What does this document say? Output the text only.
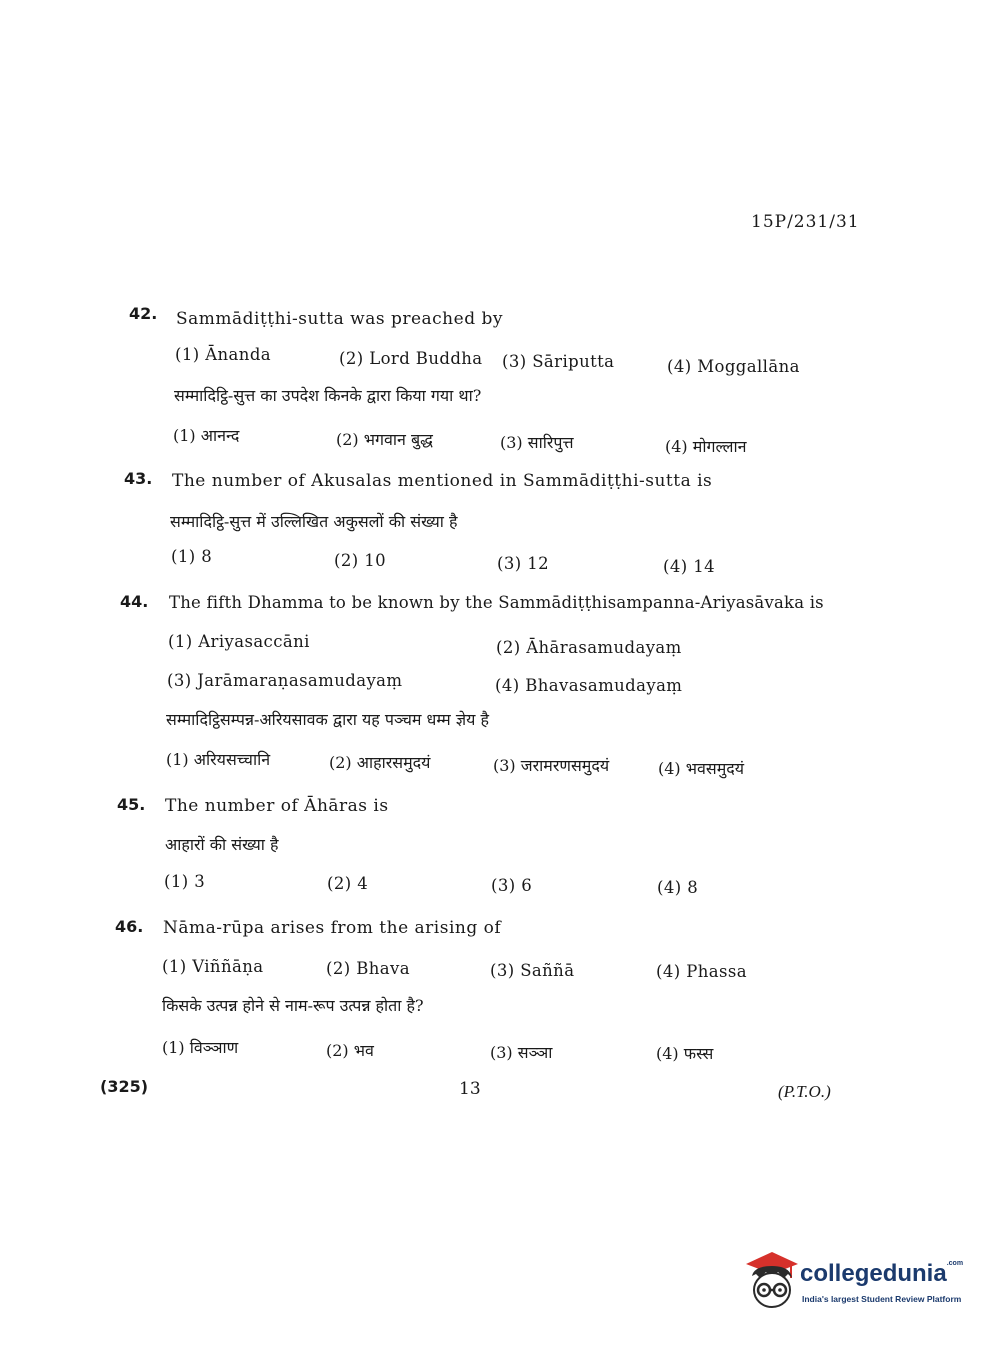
15P/231/31
42. Sammādiṭṭhi-sutta was preached by
(1) Ānanda	(2) Lord Buddha (3) Sāriputta	(4) Moggallāna
सम्मादिट्ठि-सुत्त का उपदेश किनके द्वारा किया गया था?
(1) आनन्द	(2) भगवान बुद्ध	(3) सारिपुत्त	(4) मोगल्लान
43. The number of Akusalas mentioned in Sammādiṭṭhi-sutta is
सम्मादिट्ठि-सुत्त में उल्लिखित अकुसलों की संख्या है
(1) 8	(2) 10	(3) 12	(4) 14
44. The fifth Dhamma to be known by the Sammādiṭṭhisampanna-Ariyasāvaka is
(1) Ariyasaccāni	(2) Āhārasamudayaṃ
(3) Jarāmaraṇasamudayaṃ	(4) Bhavasamudayaṃ
सम्मादिट्ठिसम्पन्न-अरियसावक द्वारा यह पञ्चम धम्म ज्ञेय है
(1) अरियसच्चानि	(2) आहारसमुदयं	(3) जरामरणसमुदयं	(4) भवसमुदयं
45. The number of Āhāras is
आहारों की संख्या है
(1) 3	(2) 4	(3) 6	(4) 8
46. Nāma-rūpa arises from the arising of
(1) Viññāṇa	(2) Bhava	(3) Saññā	(4) Phassa
किसके उत्पन्न होने से नाम-रूप उत्पन्न होता है?
(1) विञ्ञाण	(2) भव	(3) सञ्ञा	(4) फस्स
(325)	13	(P.T.O.)
collegedunia$^{.com}$
India's largest Student Review Platform
